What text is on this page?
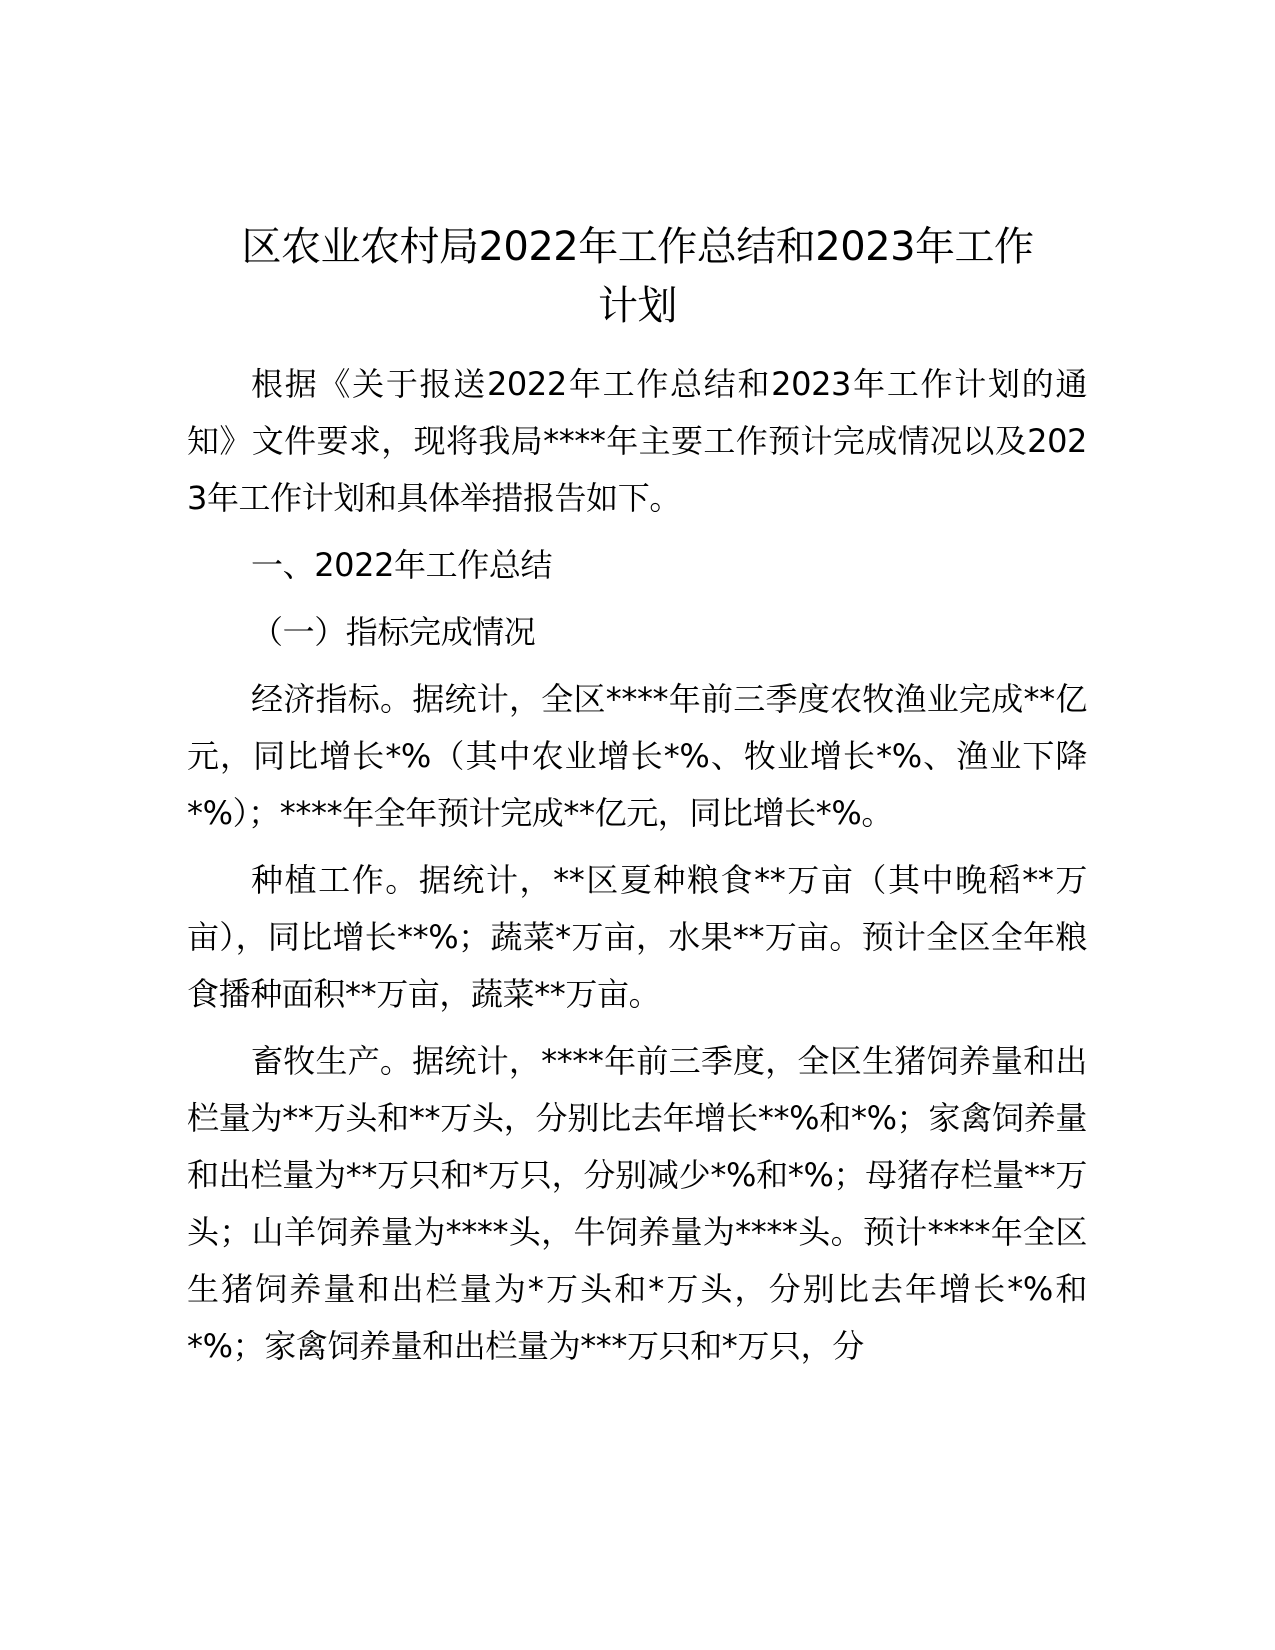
区农业农村局2022年工作总结和2023年工作
计划

根据《关于报送2022年工作总结和2023年工作计划的通知》文件要求，现将我局****年主要工作预计完成情况以及2023年工作计划和具体举措报告如下。

一、2022年工作总结

（一）指标完成情况

经济指标。据统计，全区****年前三季度农牧渔业完成**亿元，同比增长*%（其中农业增长*%、牧业增长*%、渔业下降*%）；****年全年预计完成**亿元，同比增长*%。

种植工作。据统计，**区夏种粮食**万亩（其中晚稻**万亩），同比增长**%；蔬菜*万亩，水果**万亩。预计全区全年粮食播种面积**万亩，蔬菜**万亩。

畜牧生产。据统计，****年前三季度，全区生猪饲养量和出栏量为**万头和**万头，分别比去年增长**%和*%；家禽饲养量和出栏量为**万只和*万只，分别减少*%和*%；母猪存栏量**万头；山羊饲养量为****头，牛饲养量为****头。预计****年全区生猪饲养量和出栏量为*万头和*万头，分别比去年增长*%和*%；家禽饲养量和出栏量为***万只和*万只，分
